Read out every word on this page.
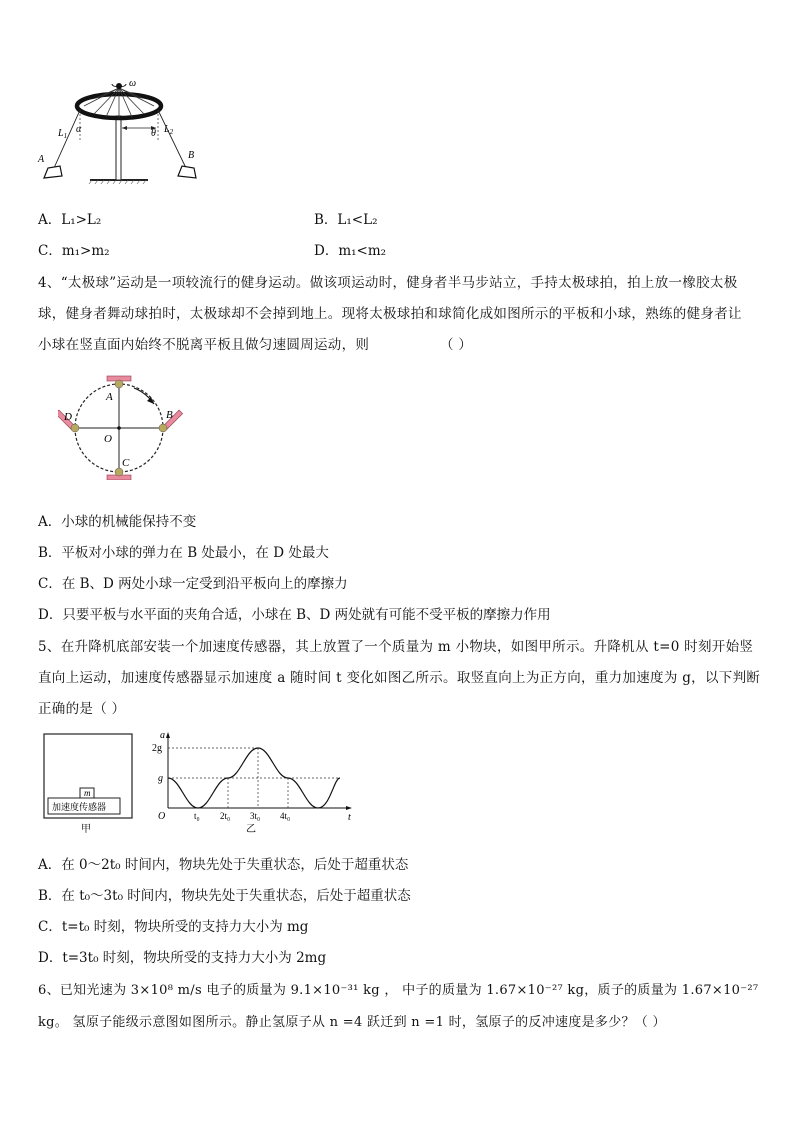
ω
α	θ
$L_1$
$L_2$
A	B
A．L₁>L₂	B．L₁<L₂
C．m₁>m₂	D．m₁<m₂
4、“太极球”运动是一项较流行的健身运动。做该项运动时，健身者半马步站立，手持太极球拍，拍上放一橡胶太极
球，健身者舞动球拍时，太极球却不会掉到地上。现将太极球拍和球简化成如图所示的平板和小球，熟练的健身者让
小球在竖直面内始终不脱离平板且做匀速圆周运动，则	（ ）
A
B
C
D
O
A．小球的机械能保持不变
B．平板对小球的弹力在 B 处最小，在 D 处最大
C．在 B、D 两处小球一定受到沿平板向上的摩擦力
D．只要平板与水平面的夹角合适，小球在 B、D 两处就有可能不受平板的摩擦力作用
5、在升降机底部安装一个加速度传感器，其上放置了一个质量为 m 小物块，如图甲所示。升降机从 t=0 时刻开始竖
直向上运动，加速度传感器显示加速度 a 随时间 t 变化如图乙所示。取竖直向上为正方向，重力加速度为 g，以下判断
正确的是（ ）
m
加速度传感器
甲
a
t
O
2g
g
t₀ 2t₀ 3t₀ 4t₀
乙
A．在 0～2t₀ 时间内，物块先处于失重状态，后处于超重状态
B．在 t₀～3t₀ 时间内，物块先处于失重状态，后处于超重状态
C．t=t₀ 时刻，物块所受的支持力大小为 mg
D．t=3t₀ 时刻，物块所受的支持力大小为 2mg
6、已知光速为 3×10⁸ m/s 电子的质量为 9.1×10⁻³¹ kg ， 中子的质量为 1.67×10⁻²⁷ kg，质子的质量为 1.67×10⁻²⁷
kg。 氢原子能级示意图如图所示。静止氢原子从 n =4 跃迁到 n =1 时，氢原子的反冲速度是多少？（ ）
